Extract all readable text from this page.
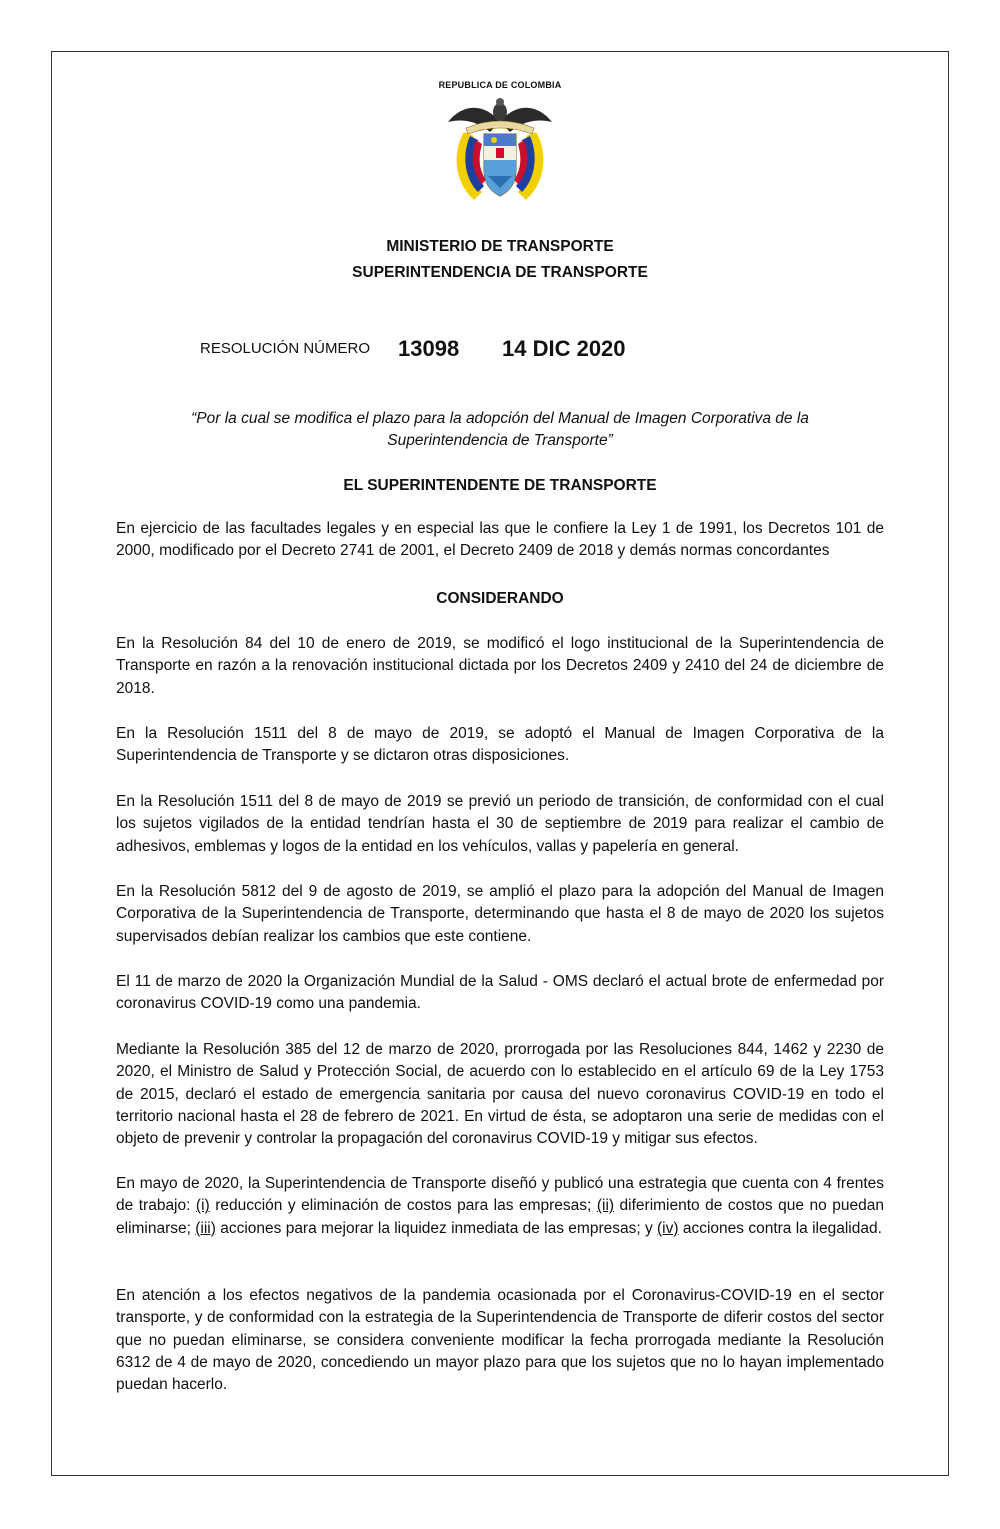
REPUBLICA DE COLOMBIA
MINISTERIO DE TRANSPORTE
SUPERINTENDENCIA DE TRANSPORTE
RESOLUCIÓN NÚMERO 13098 14 DIC 2020
“Por la cual se modifica el plazo para la adopción del Manual de Imagen Corporativa de la
Superintendencia de Transporte”
EL SUPERINTENDENTE DE TRANSPORTE
En ejercicio de las facultades legales y en especial las que le confiere la Ley 1 de 1991, los Decretos 101 de 2000, modificado por el Decreto 2741 de 2001, el Decreto 2409 de 2018 y demás normas concordantes
CONSIDERANDO
En la Resolución 84 del 10 de enero de 2019, se modificó el logo institucional de la Superintendencia de Transporte en razón a la renovación institucional dictada por los Decretos 2409 y 2410 del 24 de diciembre de 2018.
En la Resolución 1511 del 8 de mayo de 2019, se adoptó el Manual de Imagen Corporativa de la Superintendencia de Transporte y se dictaron otras disposiciones.
En la Resolución 1511 del 8 de mayo de 2019 se previó un periodo de transición, de conformidad con el cual los sujetos vigilados de la entidad tendrían hasta el 30 de septiembre de 2019 para realizar el cambio de adhesivos, emblemas y logos de la entidad en los vehículos, vallas y papelería en general.
En la Resolución 5812 del 9 de agosto de 2019, se amplió el plazo para la adopción del Manual de Imagen Corporativa de la Superintendencia de Transporte, determinando que hasta el 8 de mayo de 2020 los sujetos supervisados debían realizar los cambios que este contiene.
El 11 de marzo de 2020 la Organización Mundial de la Salud - OMS declaró el actual brote de enfermedad por coronavirus COVID-19 como una pandemia.
Mediante la Resolución 385 del 12 de marzo de 2020, prorrogada por las Resoluciones 844, 1462 y 2230 de 2020, el Ministro de Salud y Protección Social, de acuerdo con lo establecido en el artículo 69 de la Ley 1753 de 2015, declaró el estado de emergencia sanitaria por causa del nuevo coronavirus COVID-19 en todo el territorio nacional hasta el 28 de febrero de 2021. En virtud de ésta, se adoptaron una serie de medidas con el objeto de prevenir y controlar la propagación del coronavirus COVID-19 y mitigar sus efectos.
En mayo de 2020, la Superintendencia de Transporte diseñó y publicó una estrategia que cuenta con 4 frentes de trabajo: (i) reducción y eliminación de costos para las empresas; (ii) diferimiento de costos que no puedan eliminarse; (iii) acciones para mejorar la liquidez inmediata de las empresas; y (iv) acciones contra la ilegalidad.
En atención a los efectos negativos de la pandemia ocasionada por el Coronavirus-COVID-19 en el sector transporte, y de conformidad con la estrategia de la Superintendencia de Transporte de diferir costos del sector que no puedan eliminarse, se considera conveniente modificar la fecha prorrogada mediante la Resolución 6312 de 4 de mayo de 2020, concediendo un mayor plazo para que los sujetos que no lo hayan implementado puedan hacerlo.
